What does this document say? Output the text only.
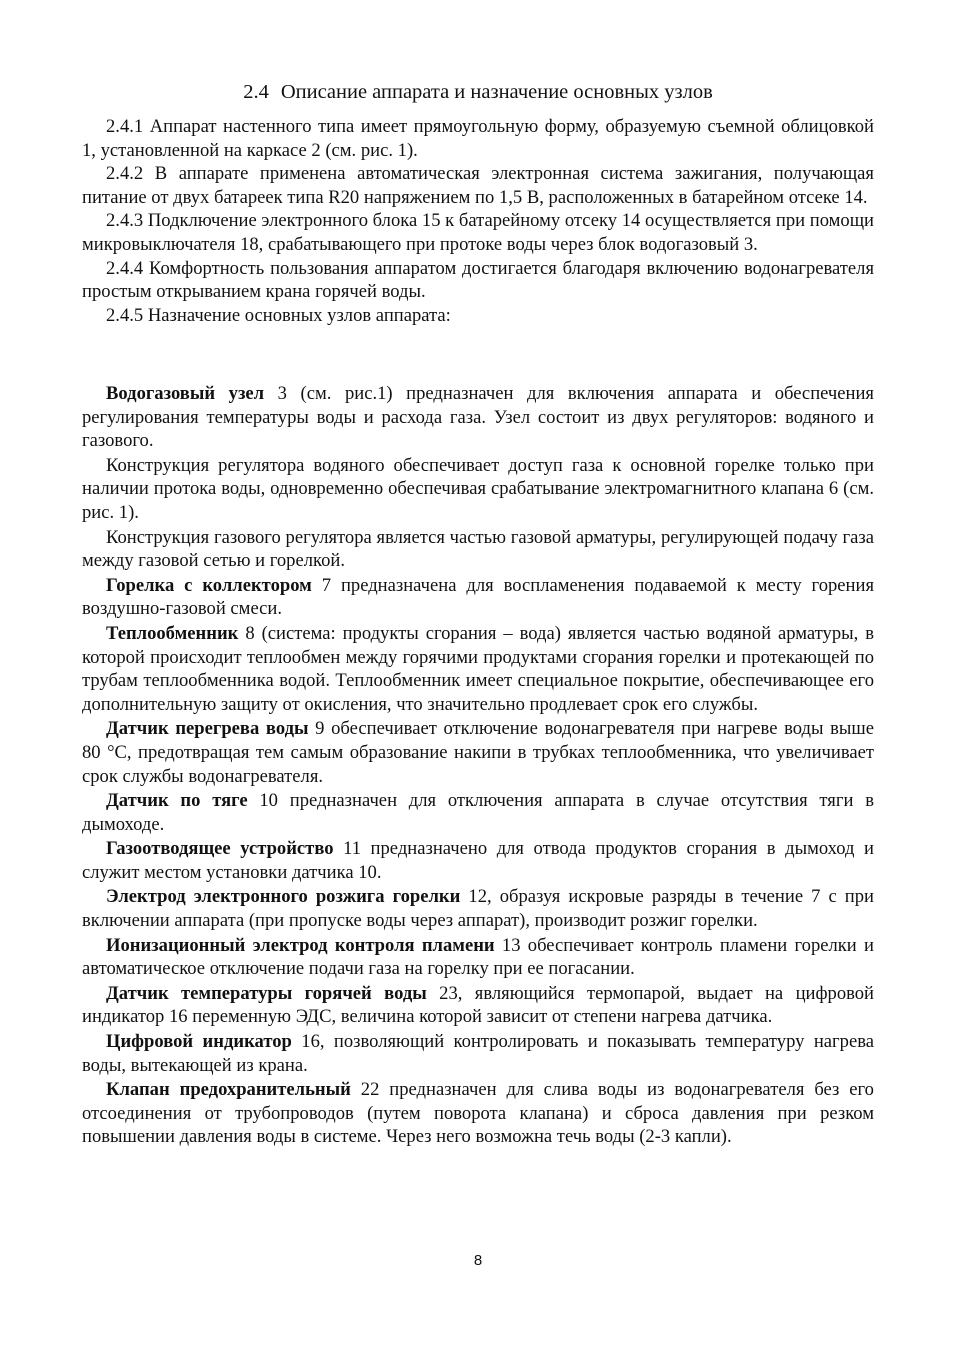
2.4 Описание аппарата и назначение основных узлов

2.4.1 Аппарат настенного типа имеет прямоугольную форму, образуемую съемной облицовкой 1, установленной на каркасе 2 (см. рис. 1).

2.4.2 В аппарате применена автоматическая электронная система зажигания, получающая питание от двух батареек типа R20 напряжением по 1,5 В, расположенных в батарейном отсеке 14.

2.4.3 Подключение электронного блока 15 к батарейному отсеку 14 осуществляется при помощи микровыключателя 18, срабатывающего при протоке воды через блок водогазовый 3.

2.4.4 Комфортность пользования аппаратом достигается благодаря включению водонагревателя простым открыванием крана горячей воды.

2.4.5 Назначение основных узлов аппарата:

Водогазовый узел 3 (см. рис.1) предназначен для включения аппарата и обеспечения регулирования температуры воды и расхода газа. Узел состоит из двух регуляторов: водяного и газового.

Конструкция регулятора водяного обеспечивает доступ газа к основной горелке только при наличии протока воды, одновременно обеспечивая срабатывание электромагнитного клапана 6 (см. рис. 1).

Конструкция газового регулятора является частью газовой арматуры, регулирующей подачу газа между газовой сетью и горелкой.

Горелка с коллектором 7 предназначена для воспламенения подаваемой к месту горения воздушно-газовой смеси.

Теплообменник 8 (система: продукты сгорания – вода) является частью водяной арматуры, в которой происходит теплообмен между горячими продуктами сгорания горелки и протекающей по трубам теплообменника водой. Теплообменник имеет специальное покрытие, обеспечивающее его дополнительную защиту от окисления, что значительно продлевает срок его службы.

Датчик перегрева воды 9 обеспечивает отключение водонагревателя при нагреве воды выше 80 °С, предотвращая тем самым образование накипи в трубках теплообменника, что увеличивает срок службы водонагревателя.

Датчик по тяге 10 предназначен для отключения аппарата в случае отсутствия тяги в дымоходе.

Газоотводящее устройство 11 предназначено для отвода продуктов сгорания в дымоход и служит местом установки датчика 10.

Электрод электронного розжига горелки 12, образуя искровые разряды в течение 7 с при включении аппарата (при пропуске воды через аппарат), производит розжиг горелки.

Ионизационный электрод контроля пламени 13 обеспечивает контроль пламени горелки и автоматическое отключение подачи газа на горелку при ее погасании.

Датчик температуры горячей воды 23, являющийся термопарой, выдает на цифровой индикатор 16 переменную ЭДС, величина которой зависит от степени нагрева датчика.

Цифровой индикатор 16, позволяющий контролировать и показывать температуру нагрева воды, вытекающей из крана.

Клапан предохранительный 22 предназначен для слива воды из водонагревателя без его отсоединения от трубопроводов (путем поворота клапана) и сброса давления при резком повышении давления воды в системе. Через него возможна течь воды (2-3 капли).

8
